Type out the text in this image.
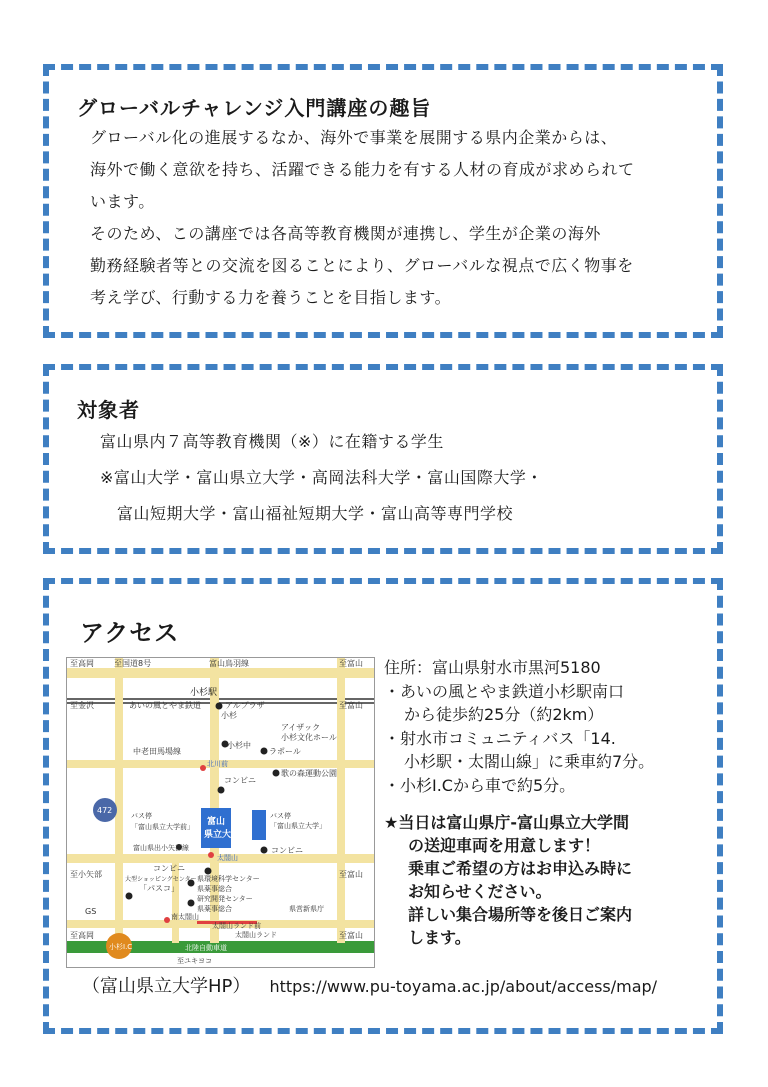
グローバルチャレンジ入門講座の趣旨
グローバル化の進展するなか、海外で事業を展開する県内企業からは、
海外で働く意欲を持ち、活躍できる能力を有する人材の育成が求められて
います。
そのため、この講座では各高等教育機関が連携し、学生が企業の海外
勤務経験者等との交流を図ることにより、グローバルな視点で広く物事を
考え学び、行動する力を養うことを目指します。
対象者
富山県内７高等教育機関（※）に在籍する学生
※富山大学・富山県立大学・高岡法科大学・富山国際大学・
富山短期大学・富山福祉短期大学・富山高等専門学校
アクセス
至高岡	至国道8号	富山鳥羽線	至富山
小杉駅
アルプラザ
小杉
アイザック
小杉文化ホール
ラポール
至金沢	至富山
あいの風とやま鉄道
中老田馬場線
小杉中
北川前
コンビニ
歌の森運動公園
472
バス停
「富山県立大学前」 富山
県立大学
バス停
「富山県立大学」
富山県出小矢部線
太閤山
コンビニ
コンビニ
至小矢部	至富山
大型ショッピングセンター
「パスコ」
県環境科学センター
県薬事総合
研究開発センター
県薬事総合	県営新県庁
GS
南太閤山
太閤山ランド前
太閤山ランド
小杉I.C	北陸自動車道
至高岡	至富山
至ユキヨコ
住所：富山県射水市黒河5180
・あいの風とやま鉄道小杉駅南口
から徒歩約25分（約2km）
・射水市コミュニティバス「14.
小杉駅・太閤山線」に乗車約7分。
・小杉I.Cから車で約5分。
★当日は富山県庁-富山県立大学間
の送迎車両を用意します！
乗車ご希望の方はお申込み時に
お知らせください。
詳しい集合場所等を後日ご案内
します。
（富山県立大学HP） https://www.pu-toyama.ac.jp/about/access/map/
